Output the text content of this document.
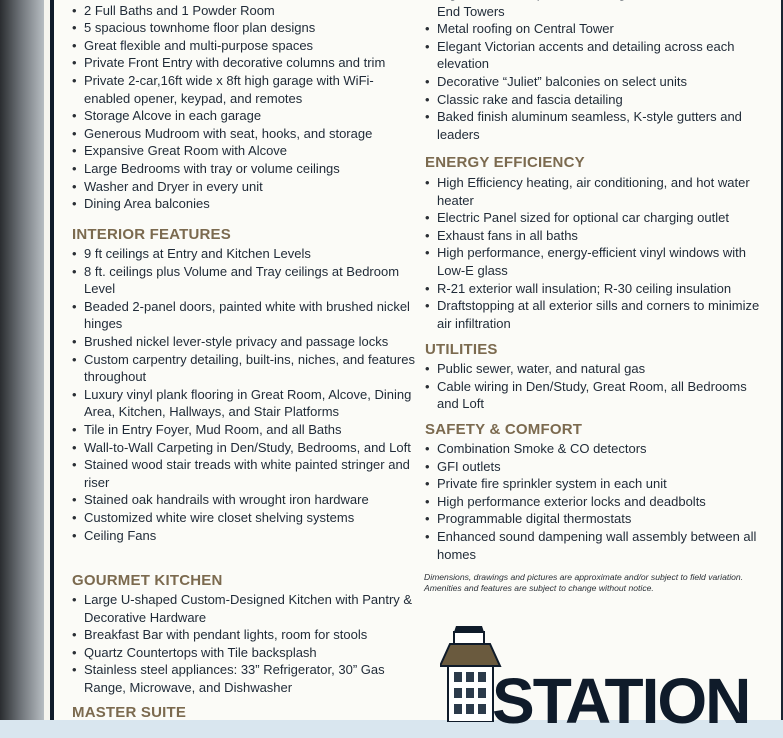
•
• 2 Full Baths and 1 Powder Room
• 5 spacious townhome floor plan designs
• Great flexible and multi-purpose spaces
• Private Front Entry with decorative columns and trim
• Private 2-car,16ft wide x 8ft high garage with WiFi-enabled opener, keypad, and remotes
• Storage Alcove in each garage
• Generous Mudroom with seat, hooks, and storage
• Expansive Great Room with Alcove
• Large Bedrooms with tray or volume ceilings
• Washer and Dryer in every unit
• Dining Area balconies
INTERIOR FEATURES
• 9 ft ceilings at Entry and Kitchen Levels
• 8 ft. ceilings plus Volume and Tray ceilings at Bedroom Level
• Beaded 2-panel doors, painted white with brushed nickel hinges
• Brushed nickel lever-style privacy and passage locks
• Custom carpentry detailing, built-ins, niches, and features throughout
• Luxury vinyl plank flooring in Great Room, Alcove, Dining Area, Kitchen, Hallways, and Stair Platforms
• Tile in Entry Foyer, Mud Room, and all Baths
• Wall-to-Wall Carpeting in Den/Study, Bedrooms, and Loft
• Stained wood stair treads with white painted stringer and riser
• Stained oak handrails with wrought iron hardware
• Customized white wire closet shelving systems
• Ceiling Fans
GOURMET KITCHEN
• Large U-shaped Custom-Designed Kitchen with Pantry & Decorative Hardware
• Breakfast Bar with pendant lights, room for stools
• Quartz Countertops with Tile backsplash
• Stainless steel appliances: 33” Refrigerator, 30” Gas Range, Microwave, and Dishwasher
MASTER SUITE
• End Towers
• Metal roofing on Central Tower
• Elegant Victorian accents and detailing across each elevation
• Decorative “Juliet” balconies on select units
• Classic rake and fascia detailing
• Baked finish aluminum seamless, K-style gutters and leaders
ENERGY EFFICIENCY
• High Efficiency heating, air conditioning, and hot water heater
• Electric Panel sized for optional car charging outlet
• Exhaust fans in all baths
• High performance, energy-efficient vinyl windows with Low-E glass
• R-21 exterior wall insulation; R-30 ceiling insulation
• Draftstopping at all exterior sills and corners to minimize air infiltration
UTILITIES
• Public sewer, water, and natural gas
• Cable wiring in Den/Study, Great Room, all Bedrooms and Loft
SAFETY & COMFORT
• Combination Smoke & CO detectors
• GFI outlets
• Private fire sprinkler system in each unit
• High performance exterior locks and deadbolts
• Programmable digital thermostats
• Enhanced sound dampening wall assembly between all homes
Dimensions, drawings and pictures are approximate and/or subject to field variation. Amenities and features are subject to change without notice.
STATION
